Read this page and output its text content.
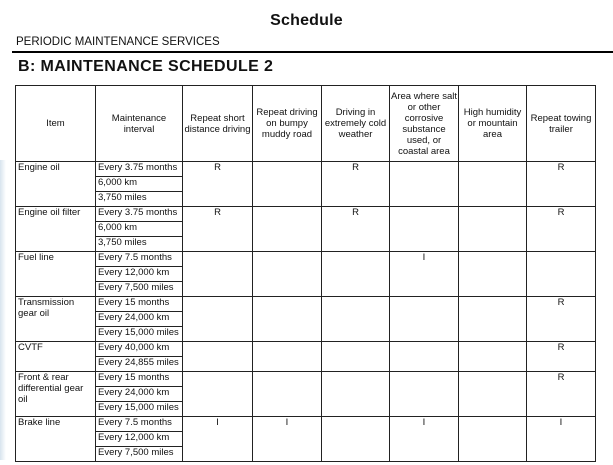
Schedule
PERIODIC MAINTENANCE SERVICES
B: MAINTENANCE SCHEDULE 2
Item	Maintenance interval	Repeat short distance driving	Repeat driving on bumpy muddy road	Driving in extremely cold weather	Area where salt or other corrosive substance used, or coastal area	High humidity or mountain area	Repeat towing trailer
Engine oil	Every 3.75 months	R		R			R
	6,000 km						
	3,750 miles						
Engine oil filter	Every 3.75 months	R		R			R
	6,000 km						
	3,750 miles						
Fuel line	Every 7.5 months				I		
	Every 12,000 km						
	Every 7,500 miles						
Transmission gear oil	Every 15 months						R
	Every 24,000 km						
	Every 15,000 miles						
CVTF	Every 40,000 km						R
	Every 24,855 miles						
Front & rear differential gear oil	Every 15 months						R
	Every 24,000 km						
	Every 15,000 miles						
Brake line	Every 7.5 months	I	I		I		I
	Every 12,000 km						
	Every 7,500 miles						
